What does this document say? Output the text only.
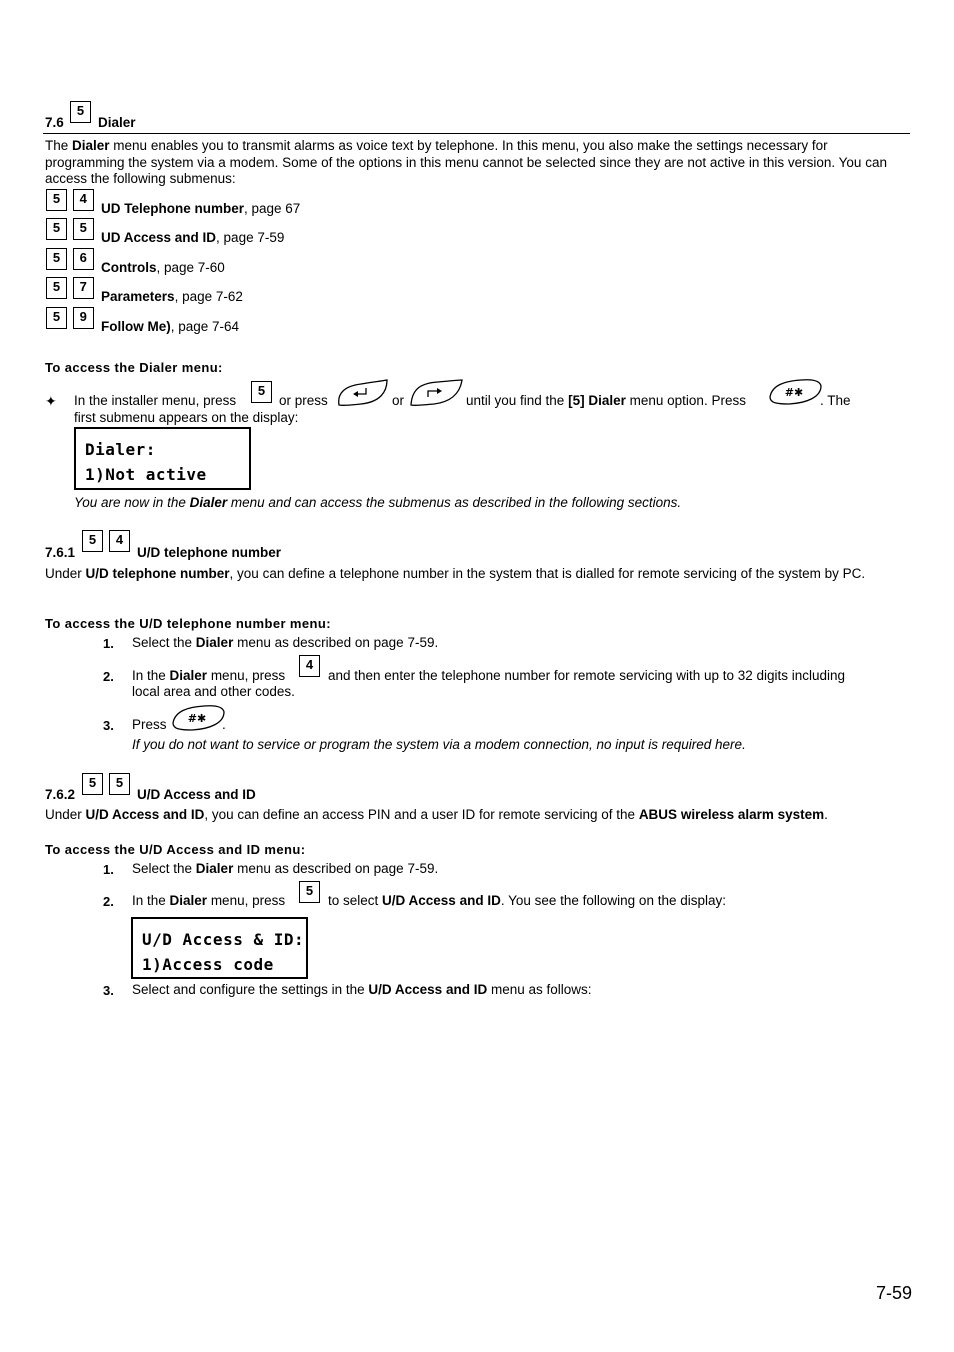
7.6
5
Dialer
The Dialer menu enables you to transmit alarms as voice text by telephone. In this menu, you also make the settings necessary for programming the system via a modem. Some of the options in this menu cannot be selected since they are not active in this version. You can access the following submenus:
5 4
UD Telephone number, page 67
5 5
UD Access and ID, page 7-59
5 6
Controls, page 7-60
5 7
Parameters, page 7-62
5 9
Follow Me), page 7-64
To access the Dialer menu:
✦ In the installer menu, press
5
or press	or	until you find the [5] Dialer menu option. Press
#✱
. The
first submenu appears on the display:
Dialer:
1)Not active
You are now in the Dialer menu and can access the submenus as described in the following sections.
7.6.1
5	4
U/D telephone number
Under U/D telephone number, you can define a telephone number in the system that is dialled for remote servicing of the system by PC.
To access the U/D telephone number menu:
1. Select the Dialer menu as described on page 7-59.
2. In the Dialer menu, press
4
and then enter the telephone number for remote servicing with up to 32 digits including
local area and other codes.
3. Press #✱ .
If you do not want to service or program the system via a modem connection, no input is required here.
7.6.2
5	5
U/D Access and ID
Under U/D Access and ID, you can define an access PIN and a user ID for remote servicing of the ABUS wireless alarm system.
To access the U/D Access and ID menu:
1. Select the Dialer menu as described on page 7-59.
2. In the Dialer menu, press
5
to select U/D Access and ID. You see the following on the display:
U/D Access & ID:
1)Access code
3. Select and configure the settings in the U/D Access and ID menu as follows:
7-59
